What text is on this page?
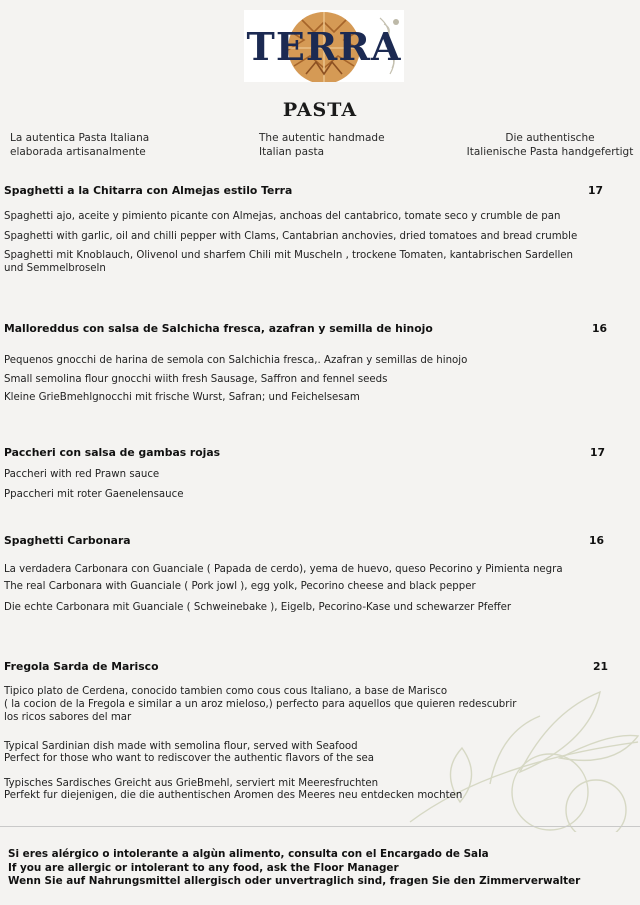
TERRA
PASTA
La autentica Pasta Italiana
elaborada artisanalmente
The autentic handmade
Italian pasta
Die authentische
Italienische Pasta handgefertigt
Spaghetti a la Chitarra con Almejas estilo Terra	17
Spaghetti ajo, aceite y pimiento picante con Almejas, anchoas del cantabrico, tomate seco y crumble de pan
Spaghetti with garlic, oil and chilli pepper with Clams, Cantabrian anchovies, dried tomatoes and bread crumble
Spaghetti mit Knoblauch, Olivenol und sharfem Chili mit Muscheln , trockene Tomaten, kantabrischen Sardellen
und Semmelbroseln
Malloreddus con salsa de Salchicha fresca, azafran y semilla de hinojo	16
Pequenos gnocchi de harina de semola con Salchichia fresca,. Azafran y semillas de hinojo
Small semolina flour gnocchi wiith fresh Sausage, Saffron and fennel seeds
Kleine GrieBmehlgnocchi mit frische Wurst, Safran; und Feichelsesam
Paccheri con salsa de gambas rojas	17
Paccheri with red Prawn sauce
Ppaccheri mit roter Gaenelensauce
Spaghetti Carbonara	16
La verdadera Carbonara con Guanciale ( Papada de cerdo), yema de huevo, queso Pecorino y Pimienta negra
The real Carbonara with Guanciale ( Pork jowl ), egg yolk, Pecorino cheese and black pepper
Die echte Carbonara mit Guanciale ( Schweinebake ), Eigelb, Pecorino-Kase und schewarzer Pfeffer
Fregola Sarda de Marisco	21
Tipico plato de Cerdena, conocido tambien como cous cous Italiano, a base de Marisco
( la cocion de la Fregola e similar a un aroz mieloso,) perfecto para aquellos que quieren redescubrir
los ricos sabores del mar
Typical Sardinian dish made with semolina flour, served with Seafood
Perfect for those who want to rediscover the authentic flavors of the sea
Typisches Sardisches Greicht aus GrieBmehl, serviert mit Meeresfruchten
Perfekt fur diejenigen, die die authentischen Aromen des Meeres neu entdecken mochten
Si eres alérgico o intolerante a algùn alimento, consulta con el Encargado de Sala
If you are allergic or intolerant to any food, ask the Floor Manager
Wenn Sie auf Nahrungsmittel allergisch oder unvertraglich sind, fragen Sie den Zimmerverwalter
